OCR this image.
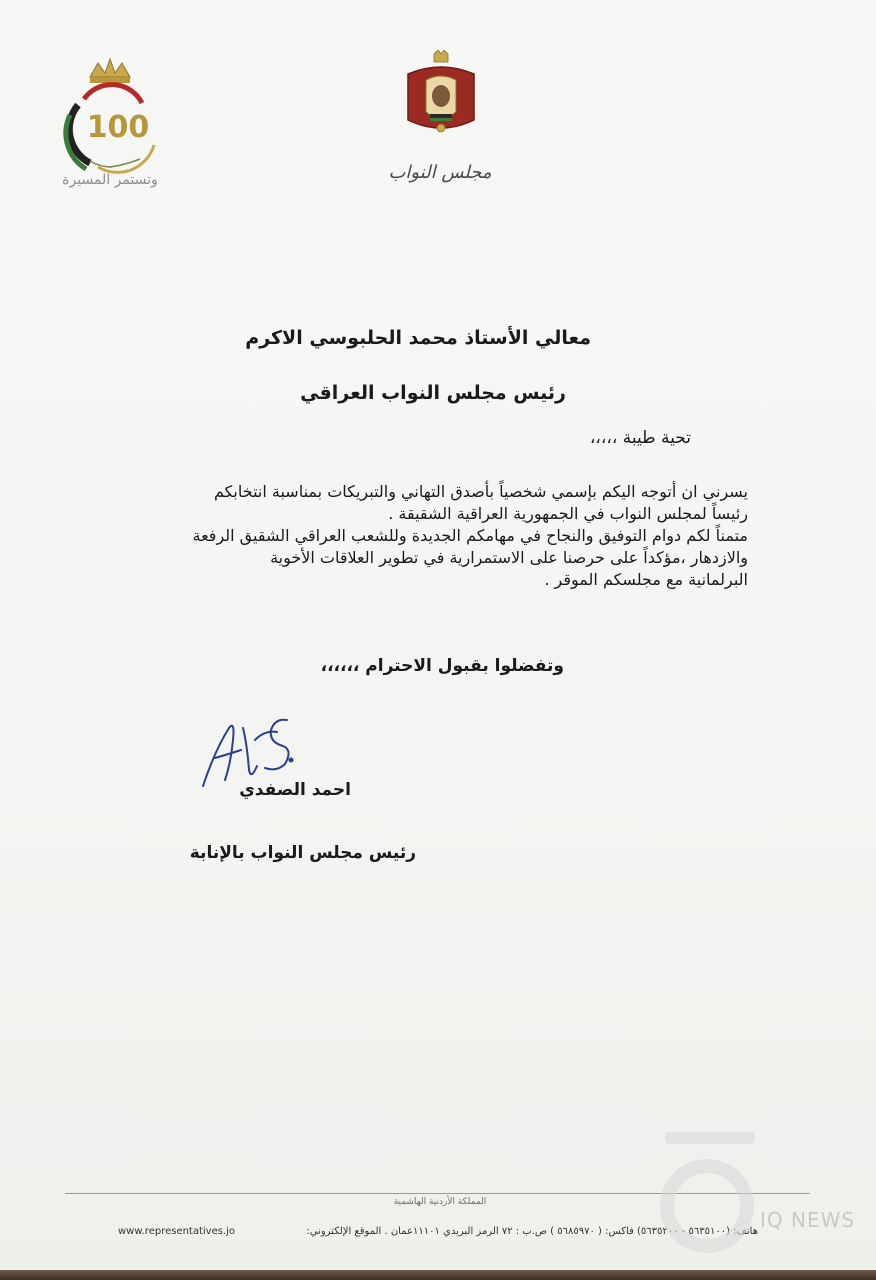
100
وتستمر المسيرة	مجلس النواب
معالي الأستاذ محمد الحلبوسي الاكرم
رئيس مجلس النواب العراقي
تحية طيبة ،،،،،

يسرني ان أتوجه اليكم بإسمي شخصياً بأصدق التهاني والتبريكات بمناسبة انتخابكم

رئيساً لمجلس النواب في الجمهورية العراقية الشقيقة .

متمناً لكم دوام التوفيق والنجاح في مهامكم الجديدة وللشعب العراقي الشقيق الرفعة

والازدهار ،مؤكداً على حرصنا على الاستمرارية في تطوير العلاقات الأخوية

البرلمانية مع مجلسكم الموقر .

وتفضلوا بقبول الاحترام ،،،،،،
احمد الصفدي
رئيس مجلس النواب بالإنابة
المملكة الأردنية الهاشمية
هاتف: (٥٦٣٥١٠٠ - ٥٦٣٥٢٠٠) فاكس: ( ٥٦٨٥٩٧٠ ) ص.ب : ٧٢ الرمز البريدي ١١١٠١عمان . الموقع الإلكتروني:
www.representatives.jo	IQ NEWS
